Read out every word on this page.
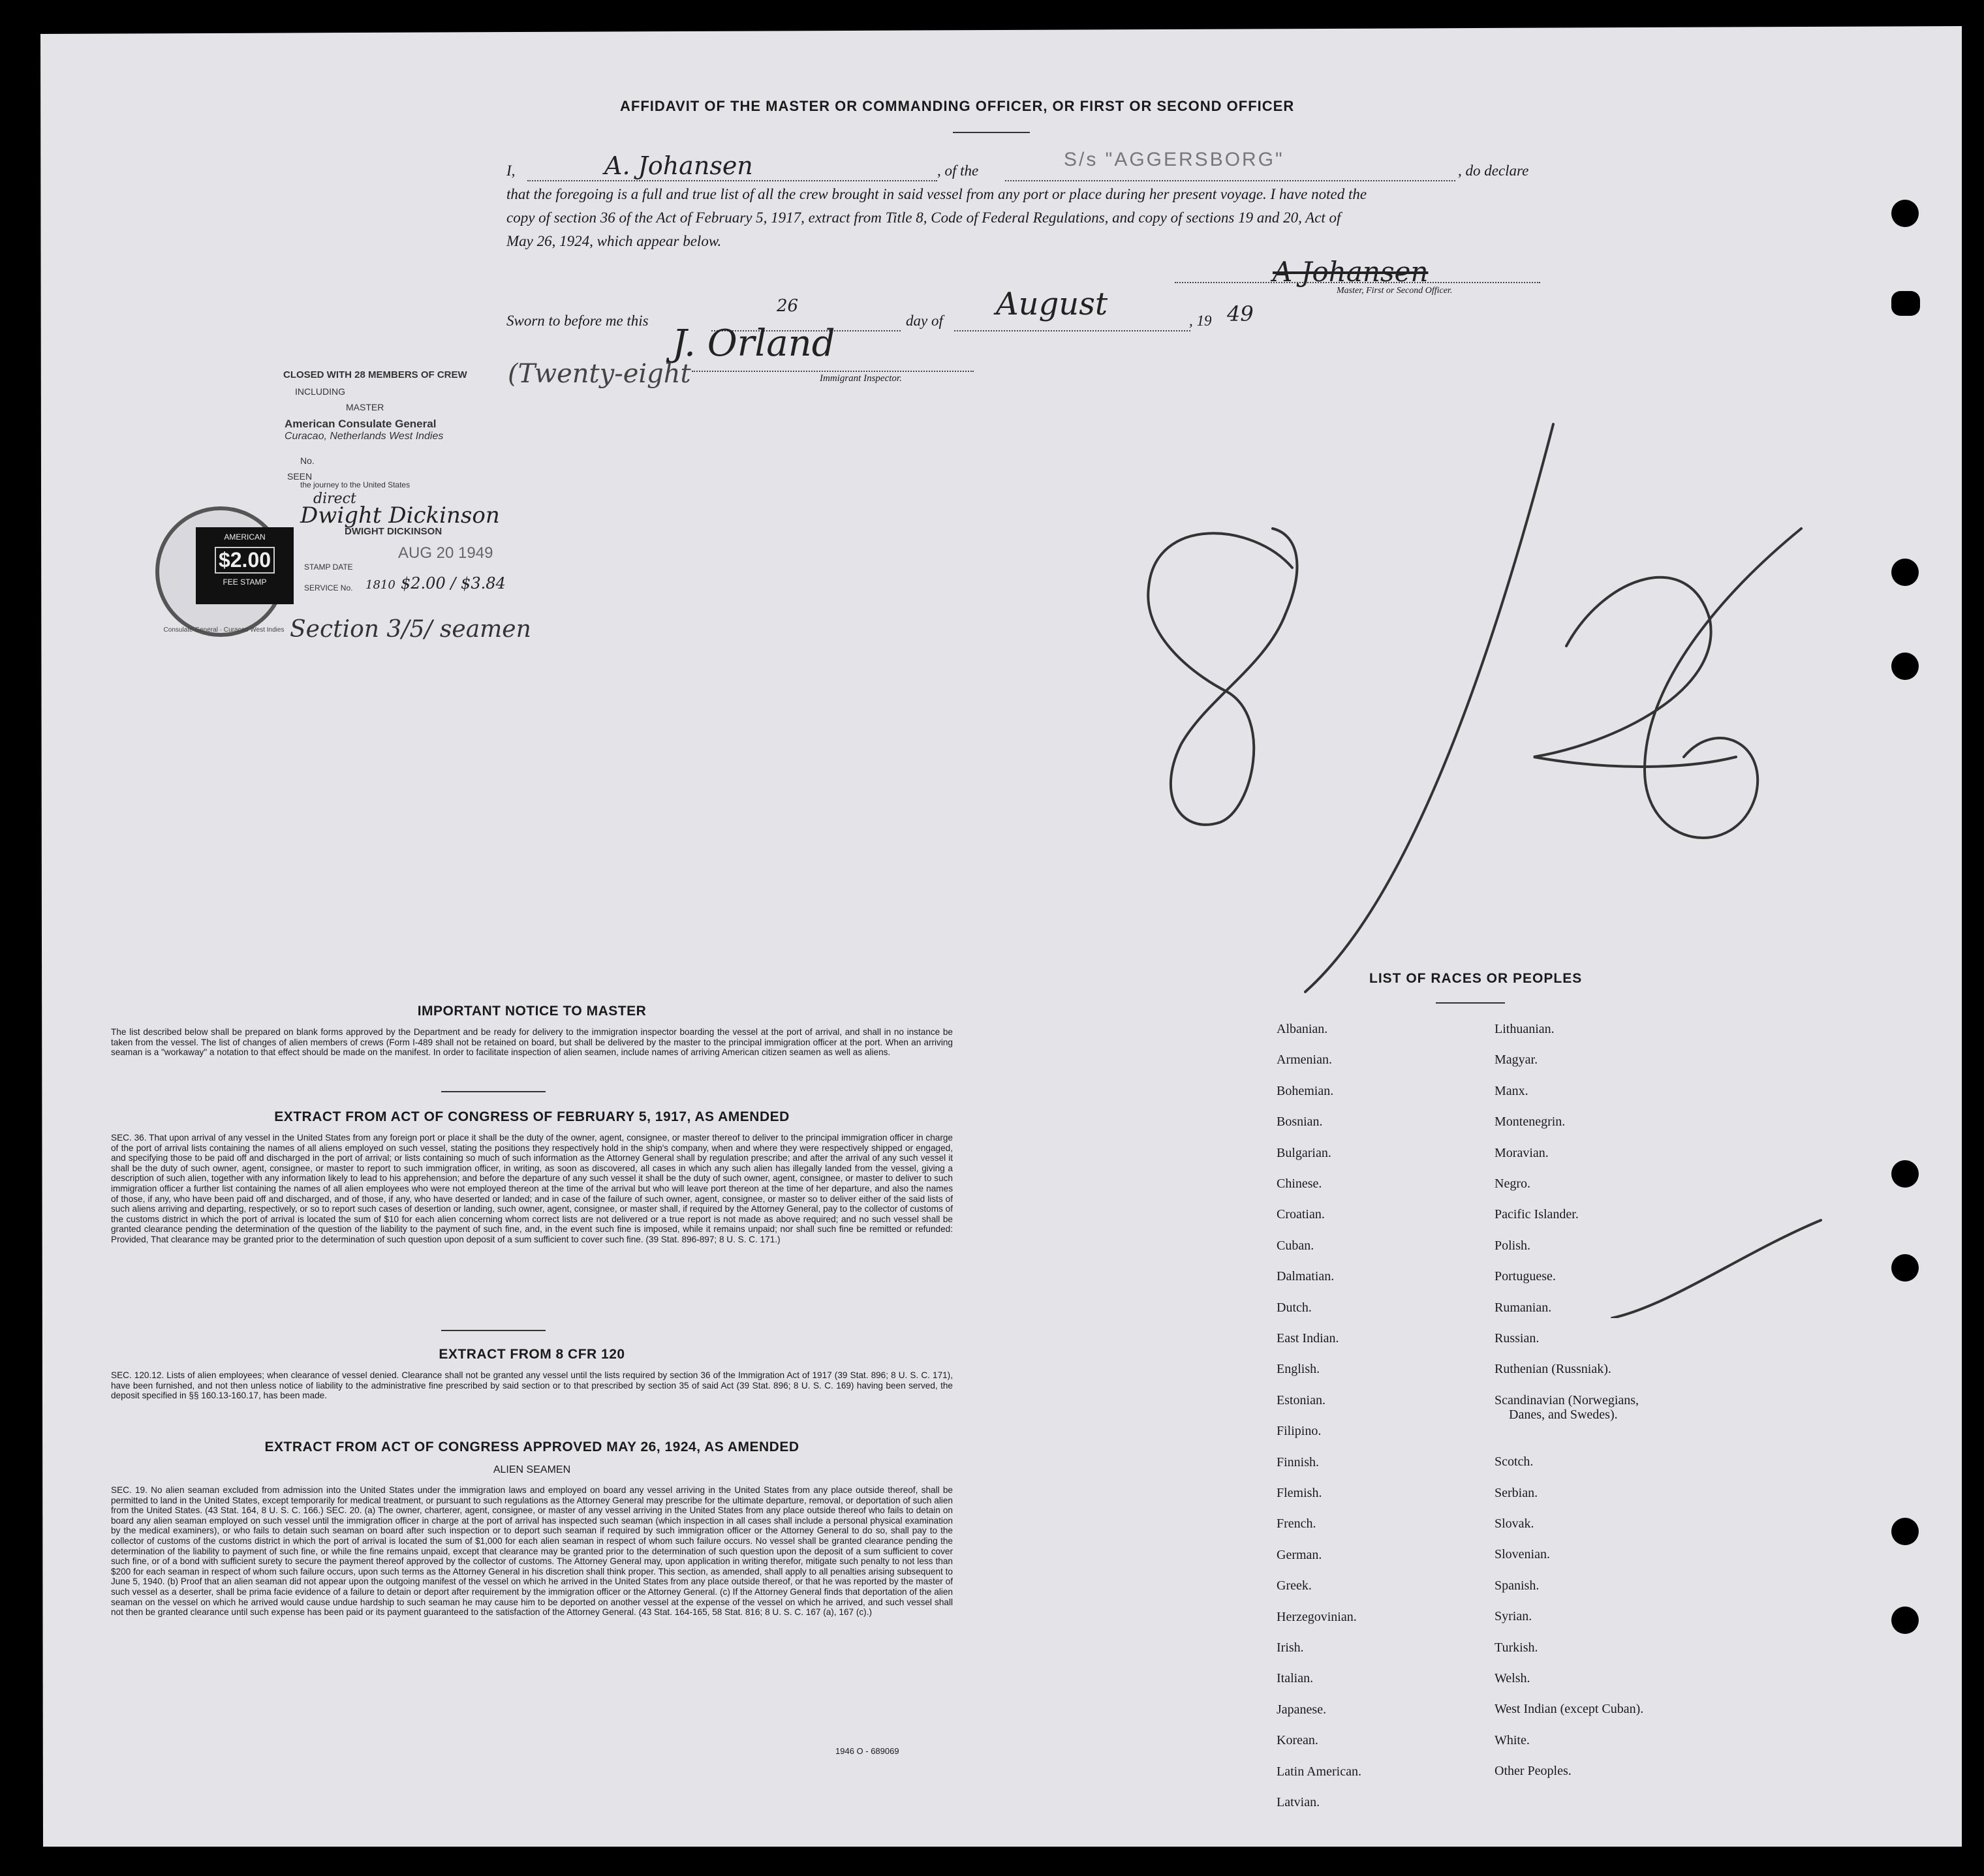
AFFIDAVIT OF THE MASTER OR COMMANDING OFFICER, OR FIRST OR SECOND OFFICER
I,	A. Johansen	, of the
S/s "AGGERSBORG"
, do declare
that the foregoing is a full and true list of all the crew brought in said vessel from any port or place during her present voyage. I have noted the
copy of section 36 of the Act of February 5, 1917, extract from Title 8, Code of Federal Regulations, and copy of sections 19 and 20, Act of
May 26, 1924, which appear below.
A Johansen
Master, First or Second Officer.
Sworn to before me this
26
day of August	, 19 49
J. Orland
Immigrant Inspector.
CLOSED WITH 28 MEMBERS OF CREW (Twenty-eight
INCLUDING
MASTER
American Consulate General
Curacao, Netherlands West Indies
No.
SEEN
the journey to the United States
direct
Dwight Dickinson
DWIGHT DICKINSON
STAMP DATE
AUG 20 1949
SERVICE No. 1810 $2.00 / $3.84
Section 3/5/ seamen
Consulate General · Curacao West Indies
AMERICAN
$2.00
FEE STAMP
IMPORTANT NOTICE TO MASTER
The list described below shall be prepared on blank forms approved by the Department and be ready for delivery to the immigration inspector boarding the vessel at the port of arrival, and shall in no instance be taken from the vessel. The list of changes of alien members of crews (Form I-489 shall not be retained on board, but shall be delivered by the master to the principal immigration officer at the port. When an arriving seaman is a "workaway" a notation to that effect should be made on the manifest. In order to facilitate inspection of alien seamen, include names of arriving American citizen seamen as well as aliens.
EXTRACT FROM ACT OF CONGRESS OF FEBRUARY 5, 1917, AS AMENDED
SEC. 36. That upon arrival of any vessel in the United States from any foreign port or place it shall be the duty of the owner, agent, consignee, or master thereof to deliver to the principal immigration officer in charge of the port of arrival lists containing the names of all aliens employed on such vessel, stating the positions they respectively hold in the ship's company, when and where they were respectively shipped or engaged, and specifying those to be paid off and discharged in the port of arrival; or lists containing so much of such information as the Attorney General shall by regulation prescribe; and after the arrival of any such vessel it shall be the duty of such owner, agent, consignee, or master to report to such immigration officer, in writing, as soon as discovered, all cases in which any such alien has illegally landed from the vessel, giving a description of such alien, together with any information likely to lead to his apprehension; and before the departure of any such vessel it shall be the duty of such owner, agent, consignee, or master to deliver to such immigration officer a further list containing the names of all alien employees who were not employed thereon at the time of the arrival but who will leave port thereon at the time of her departure, and also the names of those, if any, who have been paid off and discharged, and of those, if any, who have deserted or landed; and in case of the failure of such owner, agent, consignee, or master so to deliver either of the said lists of such aliens arriving and departing, respectively, or so to report such cases of desertion or landing, such owner, agent, consignee, or master shall, if required by the Attorney General, pay to the collector of customs of the customs district in which the port of arrival is located the sum of $10 for each alien concerning whom correct lists are not delivered or a true report is not made as above required; and no such vessel shall be granted clearance pending the determination of the question of the liability to the payment of such fine, and, in the event such fine is imposed, while it remains unpaid; nor shall such fine be remitted or refunded: Provided, That clearance may be granted prior to the determination of such question upon deposit of a sum sufficient to cover such fine. (39 Stat. 896-897; 8 U. S. C. 171.)
EXTRACT FROM 8 CFR 120
SEC. 120.12. Lists of alien employees; when clearance of vessel denied. Clearance shall not be granted any vessel until the lists required by section 36 of the Immigration Act of 1917 (39 Stat. 896; 8 U. S. C. 171), have been furnished, and not then unless notice of liability to the administrative fine prescribed by said section or to that prescribed by section 35 of said Act (39 Stat. 896; 8 U. S. C. 169) having been served, the deposit specified in §§ 160.13-160.17, has been made.
EXTRACT FROM ACT OF CONGRESS APPROVED MAY 26, 1924, AS AMENDED
ALIEN SEAMEN
SEC. 19. No alien seaman excluded from admission into the United States under the immigration laws and employed on board any vessel arriving in the United States from any place outside thereof, shall be permitted to land in the United States, except temporarily for medical treatment, or pursuant to such regulations as the Attorney General may prescribe for the ultimate departure, removal, or deportation of such alien from the United States. (43 Stat. 164, 8 U. S. C. 166.) SEC. 20. (a) The owner, charterer, agent, consignee, or master of any vessel arriving in the United States from any place outside thereof who fails to detain on board any alien seaman employed on such vessel until the immigration officer in charge at the port of arrival has inspected such seaman (which inspection in all cases shall include a personal physical examination by the medical examiners), or who fails to detain such seaman on board after such inspection or to deport such seaman if required by such immigration officer or the Attorney General to do so, shall pay to the collector of customs of the customs district in which the port of arrival is located the sum of $1,000 for each alien seaman in respect of whom such failure occurs. No vessel shall be granted clearance pending the determination of the liability to payment of such fine, or while the fine remains unpaid, except that clearance may be granted prior to the determination of such question upon the deposit of a sum sufficient to cover such fine, or of a bond with sufficient surety to secure the payment thereof approved by the collector of customs. The Attorney General may, upon application in writing therefor, mitigate such penalty to not less than $200 for each seaman in respect of whom such failure occurs, upon such terms as the Attorney General in his discretion shall think proper. This section, as amended, shall apply to all penalties arising subsequent to June 5, 1940. (b) Proof that an alien seaman did not appear upon the outgoing manifest of the vessel on which he arrived in the United States from any place outside thereof, or that he was reported by the master of such vessel as a deserter, shall be prima facie evidence of a failure to detain or deport after requirement by the immigration officer or the Attorney General. (c) If the Attorney General finds that deportation of the alien seaman on the vessel on which he arrived would cause undue hardship to such seaman he may cause him to be deported on another vessel at the expense of the vessel on which he arrived, and such vessel shall not then be granted clearance until such expense has been paid or its payment guaranteed to the satisfaction of the Attorney General. (43 Stat. 164-165, 58 Stat. 816; 8 U. S. C. 167 (a), 167 (c).)
1946 O - 689069
LIST OF RACES OR PEOPLES
Albanian.
Armenian.
Bohemian.
Bosnian.
Bulgarian.
Chinese.
Croatian.
Cuban.
Dalmatian.
Dutch.
East Indian.
English.
Estonian.
Filipino.
Finnish.
Flemish.
French.
German.
Greek.
Herzegovinian.
Irish.
Italian.
Japanese.
Korean.
Latin American.
Latvian.
Lithuanian.
Magyar.
Manx.
Montenegrin.
Moravian.
Negro.
Pacific Islander.
Polish.
Portuguese.
Rumanian.
Russian.
Ruthenian (Russniak).
Scandinavian (Norwegians,
Danes, and Swedes).
Scotch.
Serbian.
Slovak.
Slovenian.
Spanish.
Syrian.
Turkish.
Welsh.
West Indian (except Cuban).
White.
Other Peoples.
